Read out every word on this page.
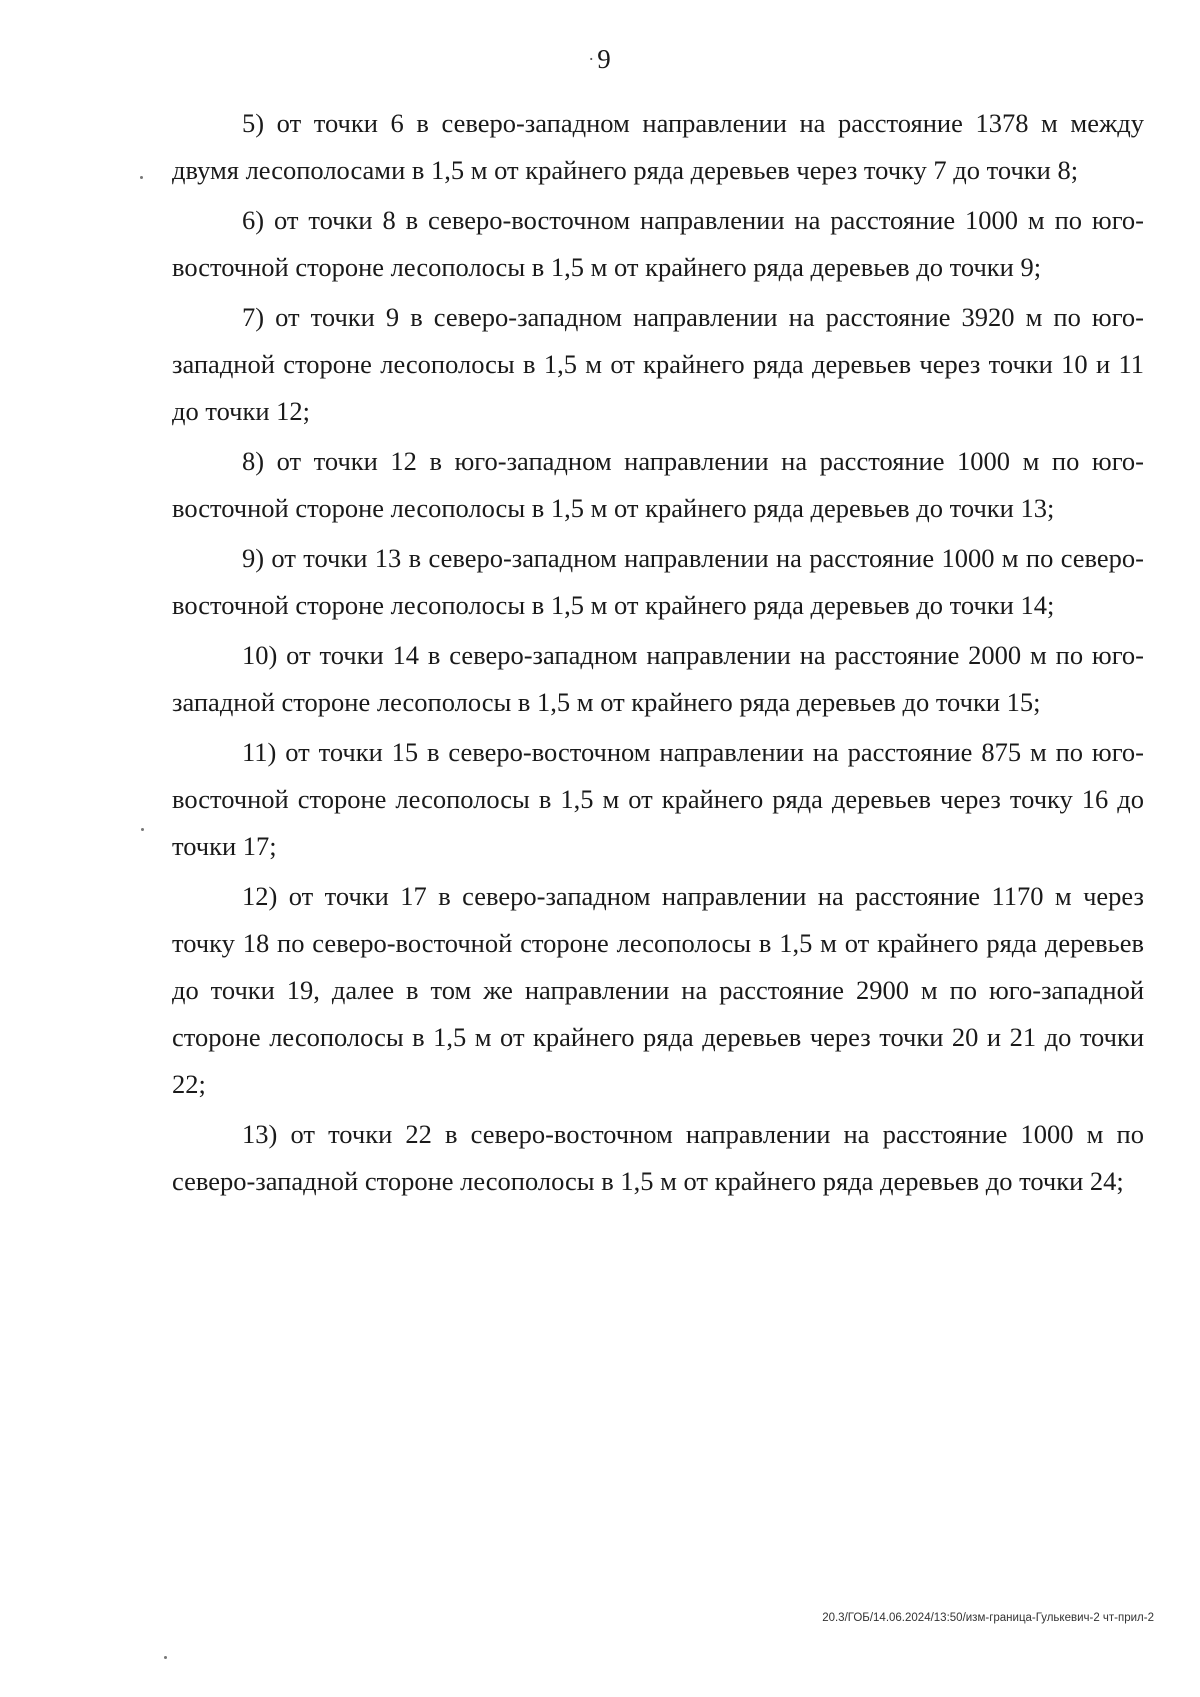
·9

5) от точки 6 в северо-западном направлении на расстояние 1378 м между двумя лесополосами в 1,5 м от крайнего ряда деревьев через точку 7 до точки 8;

6) от точки 8 в северо-восточном направлении на расстояние 1000 м по юго-восточной стороне лесополосы в 1,5 м от крайнего ряда деревьев до точки 9;

7) от точки 9 в северо-западном направлении на расстояние 3920 м по юго-западной стороне лесополосы в 1,5 м от крайнего ряда деревьев через точки 10 и 11 до точки 12;

8) от точки 12 в юго-западном направлении на расстояние 1000 м по юго-восточной стороне лесополосы в 1,5 м от крайнего ряда деревьев до точки 13;

9) от точки 13 в северо-западном направлении на расстояние 1000 м по северо-восточной стороне лесополосы в 1,5 м от крайнего ряда деревьев до точки 14;

10) от точки 14 в северо-западном направлении на расстояние 2000 м по юго-западной стороне лесополосы в 1,5 м от крайнего ряда деревьев до точки 15;

11) от точки 15 в северо-восточном направлении на расстояние 875 м по юго-восточной стороне лесополосы в 1,5 м от крайнего ряда деревьев через точку 16 до точки 17;

12) от точки 17 в северо-западном направлении на расстояние 1170 м через точку 18 по северо-восточной стороне лесополосы в 1,5 м от крайнего ряда деревьев до точки 19, далее в том же направлении на расстояние 2900 м по юго-западной стороне лесополосы в 1,5 м от крайнего ряда деревьев через точки 20 и 21 до точки 22;

13) от точки 22 в северо-восточном направлении на расстояние 1000 м по северо-западной стороне лесополосы в 1,5 м от крайнего ряда деревьев до точки 24;

20.3/ГОБ/14.06.2024/13:50/изм-граница-Гулькевич-2 чт-прил-2
